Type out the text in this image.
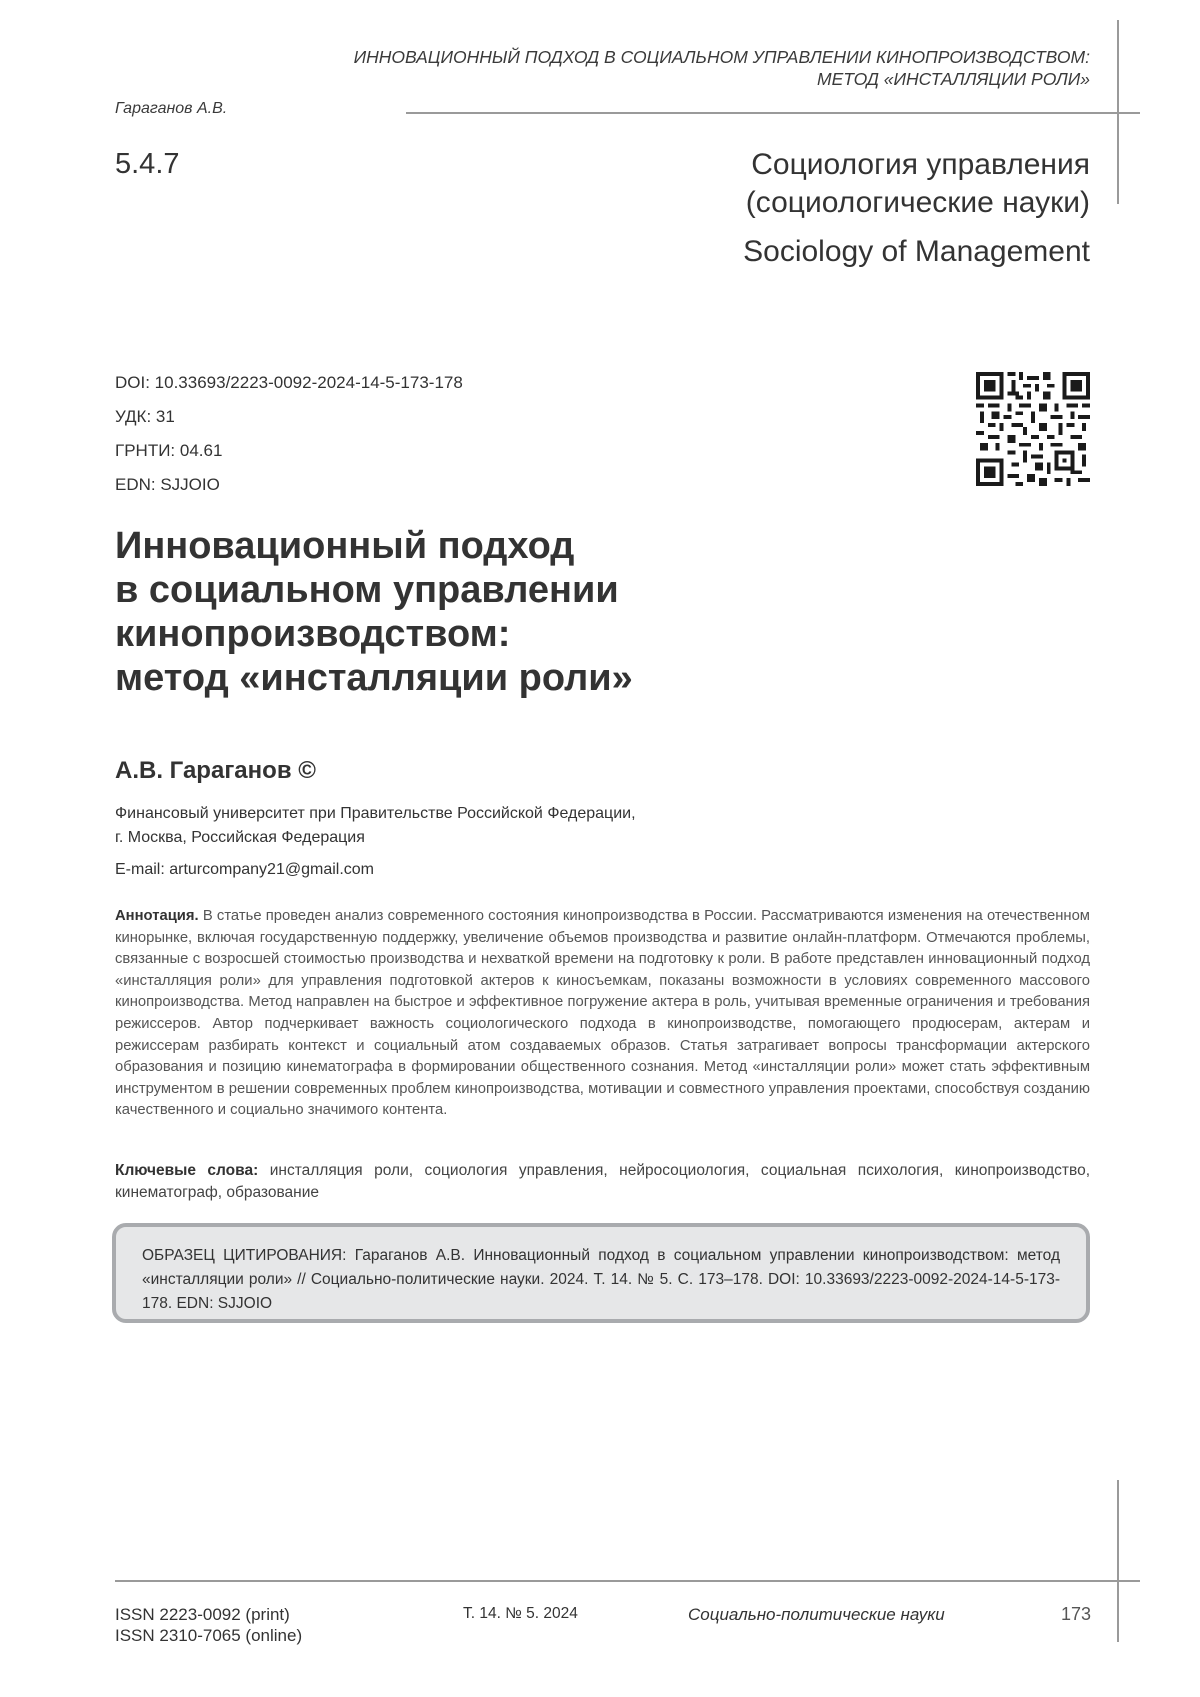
ИННОВАЦИОННЫЙ ПОДХОД В СОЦИАЛЬНОМ УПРАВЛЕНИИ КИНОПРОИЗВОДСТВОМ:
МЕТОД «ИНСТАЛЛЯЦИИ РОЛИ»
Гараганов А.В.
5.4.7	Социология управления
(социологические науки)
Sociology of Management
DOI: 10.33693/2223-0092-2024-14-5-173-178
УДК: 31
ГРНТИ: 04.61
EDN: SJJOIO
Инновационный подход
в социальном управлении
кинопроизводством:
метод «инсталляции роли»
А.В. Гараганов ©
Финансовый университет при Правительстве Российской Федерации,
г. Москва, Российская Федерация
E-mail: arturcompany21@gmail.com
Аннотация. В статье проведен анализ современного состояния кинопроизводства в России. Рассматриваются изменения на отечественном кинорынке, включая государственную поддержку, увеличение объемов производства и развитие онлайн-платформ. Отмечаются проблемы, связанные с возросшей стоимостью производства и нехваткой времени на подготовку к роли. В работе представлен инновационный подход «инсталляция роли» для управления подготовкой актеров к киносъемкам, показаны возможности в условиях современного массового кинопроизводства. Метод направлен на быстрое и эффективное погружение актера в роль, учитывая временные ограничения и требования режиссеров. Автор подчеркивает важность социологического подхода в кинопроизводстве, помогающего продюсерам, актерам и режиссерам разбирать контекст и социальный атом создаваемых образов. Статья затрагивает вопросы трансформации актерского образования и позицию кинематографа в формировании общественного сознания. Метод «инсталляции роли» может стать эффективным инструментом в решении современных проблем кинопроизводства, мотивации и совместного управления проектами, способствуя созданию качественного и социально значимого контента.
Ключевые слова: инсталляция роли, социология управления, нейросоциология, социальная психология, кинопроизводство, кинематограф, образование
ОБРАЗЕЦ ЦИТИРОВАНИЯ: Гараганов А.В. Инновационный подход в социальном управлении кинопроизводством: метод «инсталляции роли» // Социально-политические науки. 2024. Т. 14. № 5. С. 173–178. DOI: 10.33693/2223-0092-2024-14-5-173-178. EDN: SJJOIO
ISSN 2223-0092 (print)
ISSN 2310-7065 (online)
Т. 14. № 5. 2024	Социально-политические науки	173
